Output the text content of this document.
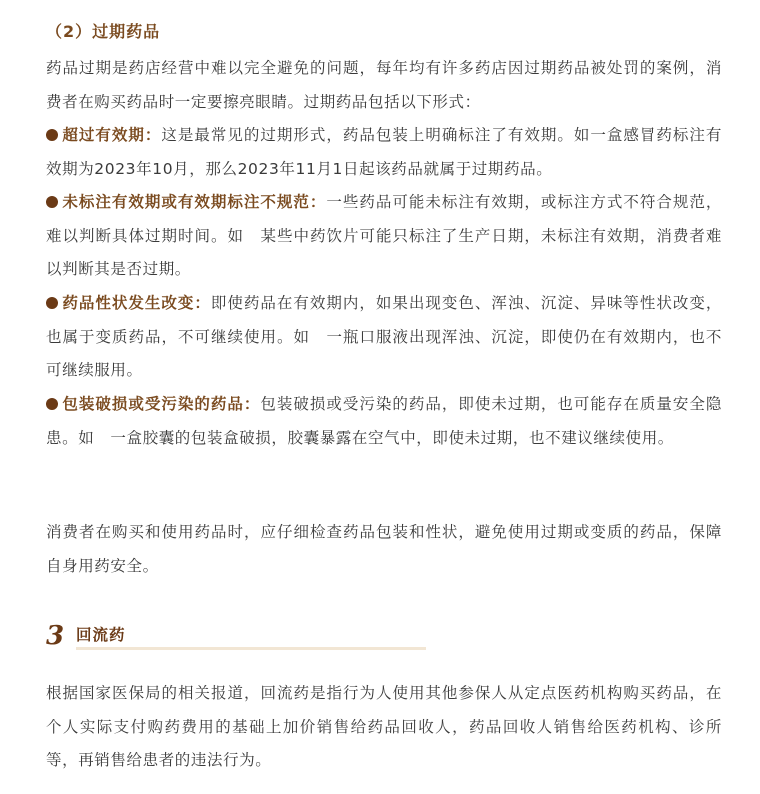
（2）过期药品
药品过期是药店经营中难以完全避免的问题，每年均有许多药店因过期药品被处罚的案例，消费者在购买药品时一定要擦亮眼睛。过期药品包括以下形式：
超过有效期：这是最常见的过期形式，药品包装上明确标注了有效期。如一盒感冒药标注有效期为2023年10月，那么2023年11月1日起该药品就属于过期药品。
未标注有效期或有效期标注不规范：一些药品可能未标注有效期，或标注方式不符合规范，难以判断具体过期时间。如　某些中药饮片可能只标注了生产日期，未标注有效期，消费者难以判断其是否过期。
药品性状发生改变：即使药品在有效期内，如果出现变色、浑浊、沉淀、异味等性状改变，也属于变质药品，不可继续使用。如　一瓶口服液出现浑浊、沉淀，即使仍在有效期内，也不可继续服用。
包装破损或受污染的药品：包装破损或受污染的药品，即使未过期，也可能存在质量安全隐患。如　一盒胶囊的包装盒破损，胶囊暴露在空气中，即使未过期，也不建议继续使用。
消费者在购买和使用药品时，应仔细检查药品包装和性状，避免使用过期或变质的药品，保障自身用药安全。
3 回流药
根据国家医保局的相关报道，回流药是指行为人使用其他参保人从定点医药机构购买药品，在个人实际支付购药费用的基础上加价销售给药品回收人，药品回收人销售给医药机构、诊所等，再销售给患者的违法行为。
